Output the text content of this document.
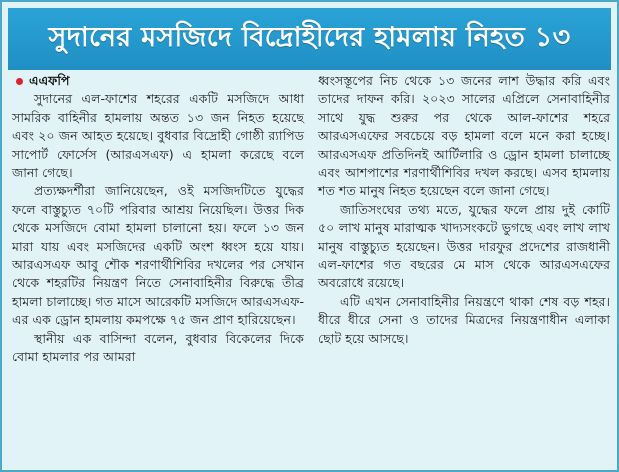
সুদানের মসজিদে বিদ্রোহীদের হামলায় নিহত ১৩
এএফপি

সুদানের এল-ফাশের শহরের একটি মসজিদে আধা সামরিক বাহিনীর হামলায় অন্তত ১৩ জন নিহত হয়েছে এবং ২০ জন আহত হয়েছে। বুধবার বিদ্রোহী গোষ্ঠী র‍্যাপিড সাপোর্ট ফোর্সেস (আরএসএফ) এ হামলা করেছে বলে জানা গেছে।

প্রত্যক্ষদর্শীরা জানিয়েছেন, ওই মসজিদটিতে যুদ্ধের ফলে বাস্তুচ্যুত ৭০টি পরিবার আশ্রয় নিয়েছিল। উত্তর দিক থেকে মসজিদে বোমা হামলা চালানো হয়। ফলে ১৩ জন মারা যায় এবং মসজিদের একটি অংশ ধ্বংস হয়ে যায়। আরএসএফ আবু শৌক শরণার্থীশিবির দখলের পর সেখান থেকে শহরটির নিয়ন্ত্রণ নিতে সেনাবাহিনীর বিরুদ্ধে তীব্র হামলা চালাচ্ছে। গত মাসে আরেকটি মসজিদে আরএসএফ-এর এক ড্রোন হামলায় কমপক্ষে ৭৫ জন প্রাণ হারিয়েছেন।

স্থানীয় এক বাসিন্দা বলেন, বুধবার বিকেলের দিকে বোমা হামলার পর আমরা

ধ্বংসস্তূপের নিচ থেকে ১৩ জনের লাশ উদ্ধার করি এবং তাদের দাফন করি। ২০২৩ সালের এপ্রিলে সেনাবাহিনীর সাথে যুদ্ধ শুরুর পর থেকে আল-ফাশের শহরে আরএসএফের সবচেয়ে বড় হামলা বলে মনে করা হচ্ছে। আরএসএফ প্রতিদিনই আর্টিলারি ও ড্রোন হামলা চালাচ্ছে এবং আশপাশের শরণার্থীশিবির দখল করছে। এসব হামলায় শত শত মানুষ নিহত হয়েছেন বলে জানা গেছে।

জাতিসংঘের তথ্য মতে, যুদ্ধের ফলে প্রায় দুই কোটি ৫০ লাখ মানুষ মারাত্মক খাদ্যসংকটে ভুগছে এবং লাখ লাখ মানুষ বাস্তুচ্যুত হয়েছেন। উত্তর দারফুর প্রদেশের রাজধানী এল-ফাশের গত বছরের মে মাস থেকে আরএসএফের অবরোধে রয়েছে।

এটি এখন সেনাবাহিনীর নিয়ন্ত্রণে থাকা শেষ বড় শহর। ধীরে ধীরে সেনা ও তাদের মিত্রদের নিয়ন্ত্রণাধীন এলাকা ছোট হয়ে আসছে।
